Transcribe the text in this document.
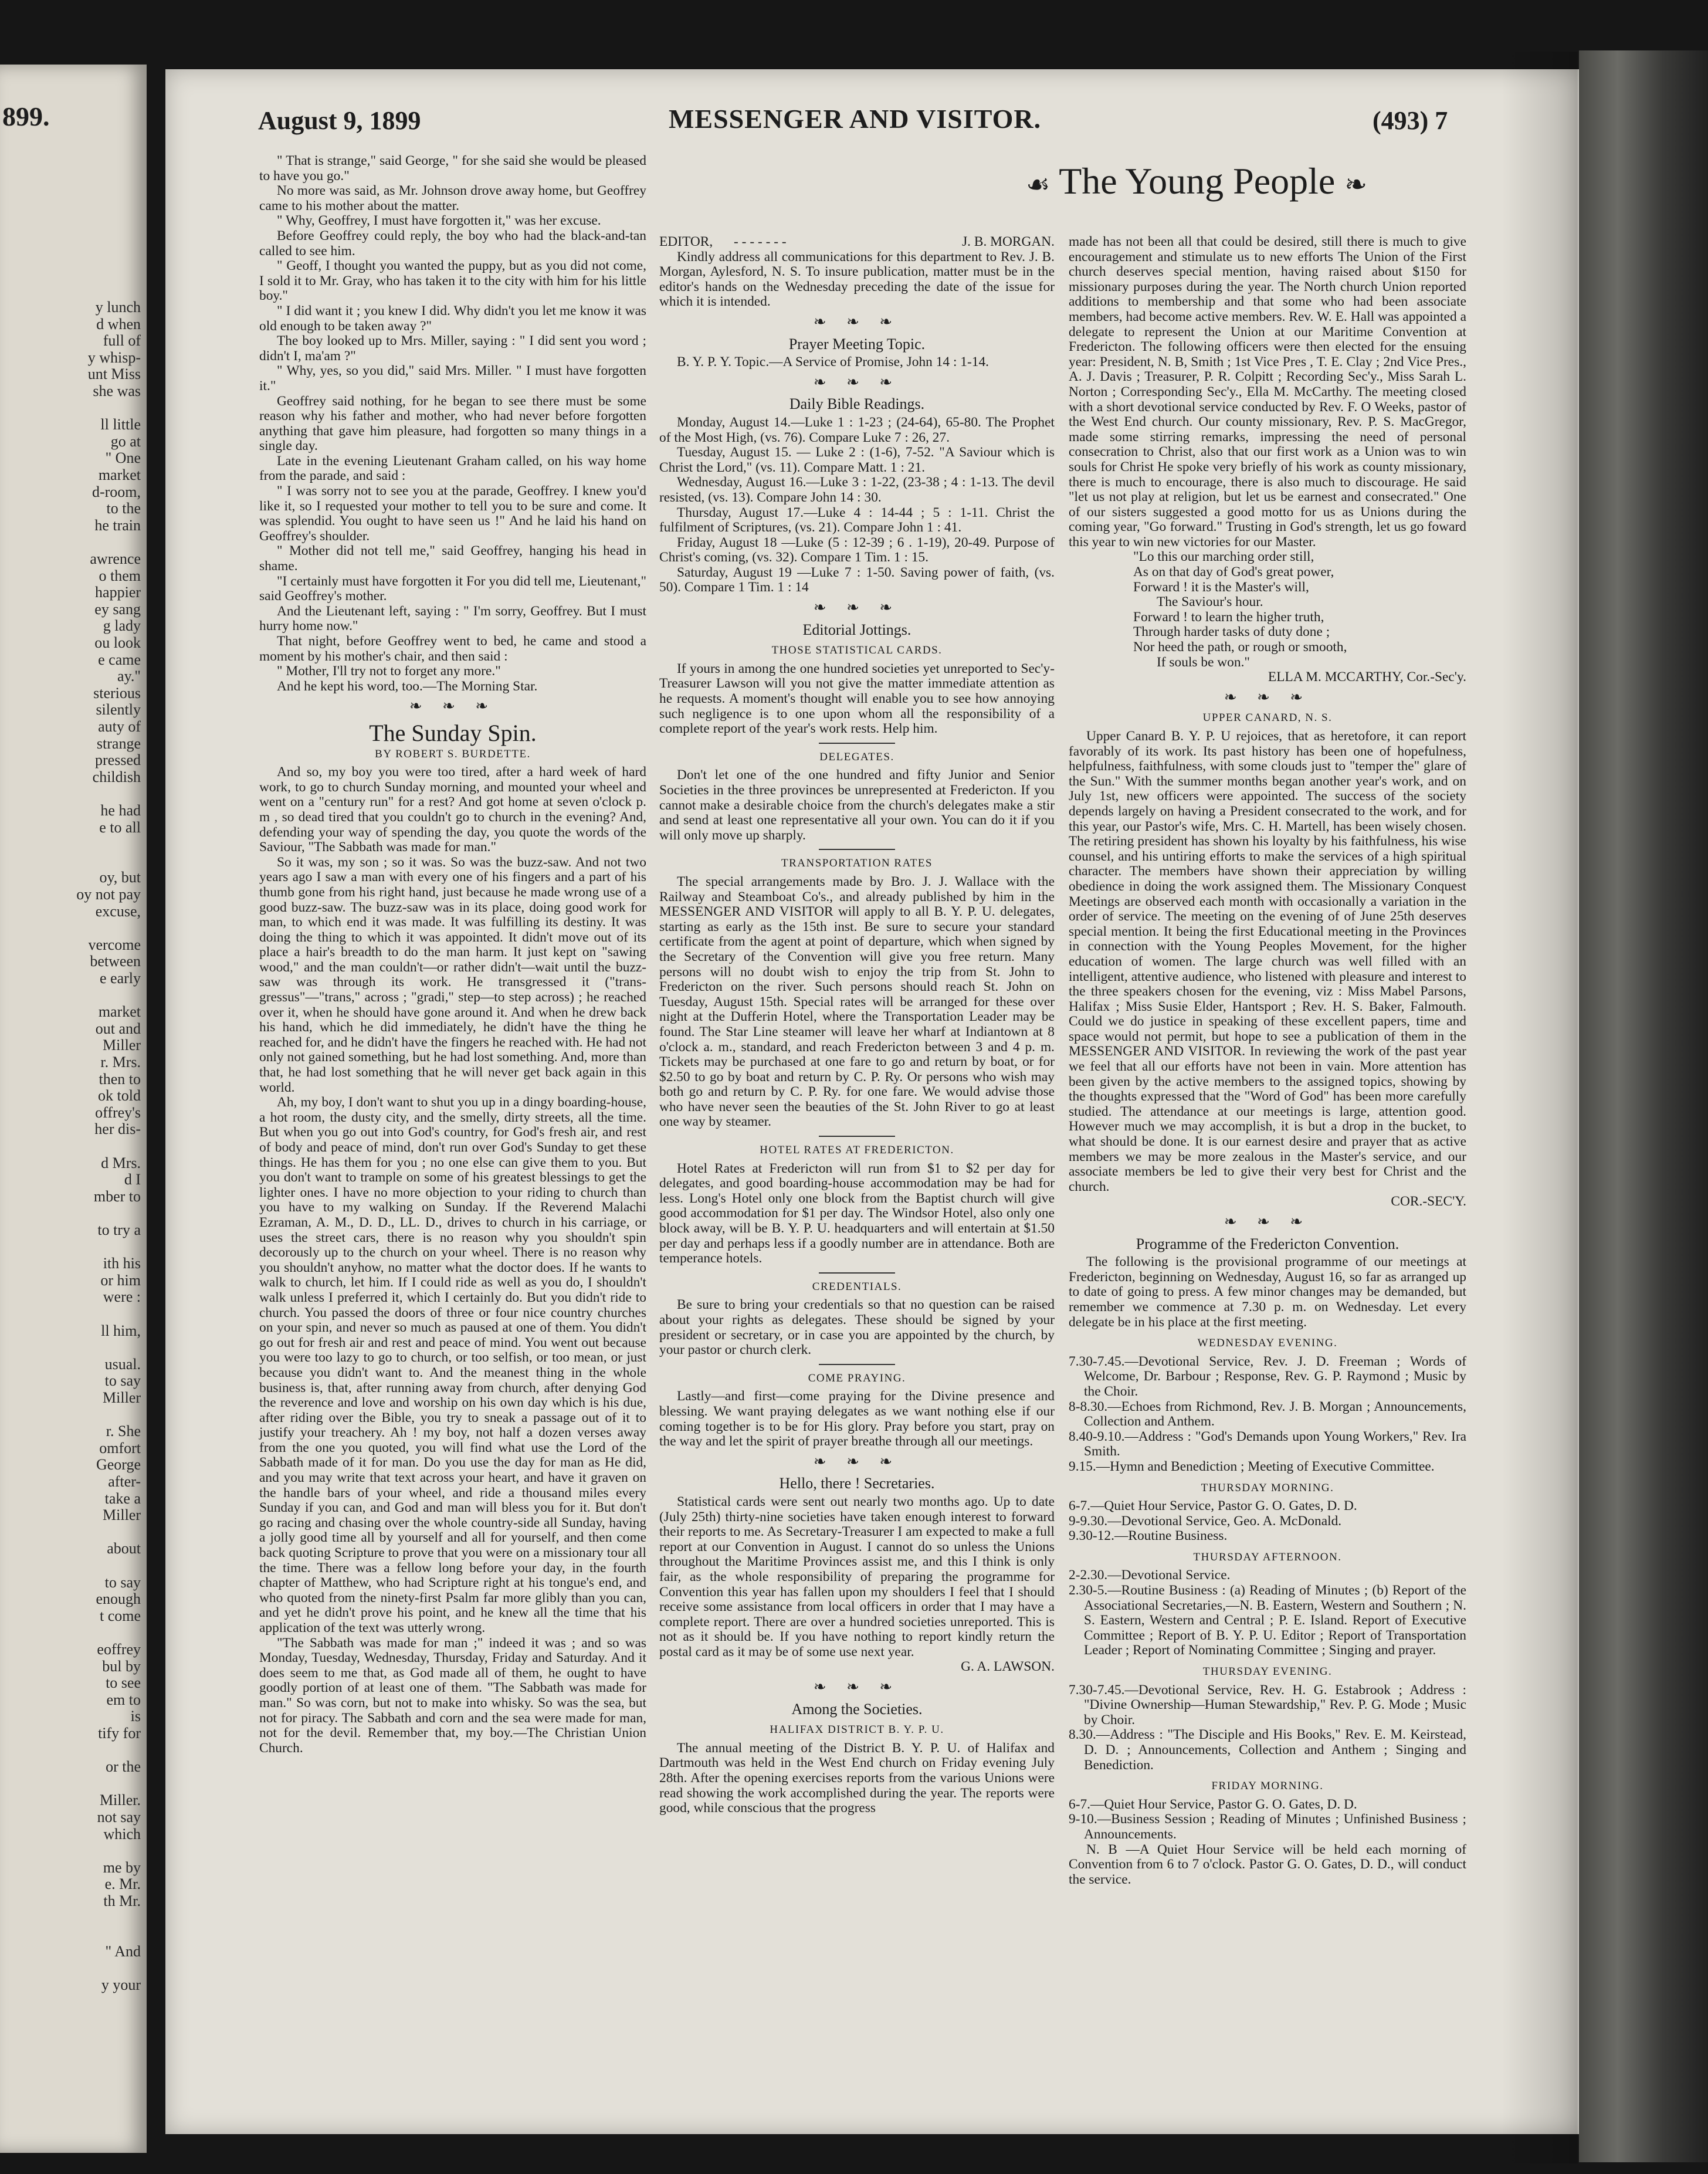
899.
y lunch
d when
full of
y whisp-
unt Miss
she was
ll little
go at
" One
market
d-room,
to the
he train
awrence
o them
happier
ey sang
g lady
ou look
e came
ay."
sterious
silently
auty of
strange
pressed
childish
he had
e to all
oy, but
oy not pay
excuse,
vercome
between
e early
market
out and
Miller
r. Mrs.
then to
ok told
offrey's
her dis-
d Mrs.
d I
mber to
to try a
ith his
or him
were :
ll him,
usual.
to say
Miller
r. She
omfort
George
after-
take a
Miller
about
to say
enough
t come
eoffrey
bul by
to see
em to
is
tify for
or the
Miller.
not say
which
me by
e. Mr.
th Mr.
" And
y your
August 9, 1899	MESSENGER AND VISITOR.	(493) 7
☙ The Young People ❧

" That is strange," said George, " for she said she would be pleased to have you go."

No more was said, as Mr. Johnson drove away home, but Geoffrey came to his mother about the matter.

" Why, Geoffrey, I must have forgotten it," was her excuse.

Before Geoffrey could reply, the boy who had the black-and-tan called to see him.

" Geoff, I thought you wanted the puppy, but as you did not come, I sold it to Mr. Gray, who has taken it to the city with him for his little boy."

" I did want it ; you knew I did. Why didn't you let me know it was old enough to be taken away ?"

The boy looked up to Mrs. Miller, saying : " I did sent you word ; didn't I, ma'am ?"

" Why, yes, so you did," said Mrs. Miller. " I must have forgotten it."

Geoffrey said nothing, for he began to see there must be some reason why his father and mother, who had never before forgotten anything that gave him pleasure, had forgotten so many things in a single day.

Late in the evening Lieutenant Graham called, on his way home from the parade, and said :

" I was sorry not to see you at the parade, Geoffrey. I knew you'd like it, so I requested your mother to tell you to be sure and come. It was splendid. You ought to have seen us !" And he laid his hand on Geoffrey's shoulder.

" Mother did not tell me," said Geoffrey, hanging his head in shame.

"I certainly must have forgotten it For you did tell me, Lieutenant," said Geoffrey's mother.

And the Lieutenant left, saying : " I'm sorry, Geoffrey. But I must hurry home now."

That night, before Geoffrey went to bed, he came and stood a moment by his mother's chair, and then said :

" Mother, I'll try not to forget any more."

And he kept his word, too.—The Morning Star.

❧ ❧ ❧

The Sunday Spin.

BY ROBERT S. BURDETTE.

And so, my boy you were too tired, after a hard week of hard work, to go to church Sunday morning, and mounted your wheel and went on a "century run" for a rest? And got home at seven o'clock p. m , so dead tired that you couldn't go to church in the evening? And, defending your way of spending the day, you quote the words of the Saviour, "The Sabbath was made for man."

So it was, my son ; so it was. So was the buzz-saw. And not two years ago I saw a man with every one of his fingers and a part of his thumb gone from his right hand, just because he made wrong use of a good buzz-saw. The buzz-saw was in its place, doing good work for man, to which end it was made. It was fulfilling its destiny. It was doing the thing to which it was appointed. It didn't move out of its place a hair's breadth to do the man harm. It just kept on "sawing wood," and the man couldn't—or rather didn't—wait until the buzz-saw was through its work. He transgressed it ("trans-gressus"—"trans," across ; "gradi," step—to step across) ; he reached over it, when he should have gone around it. And when he drew back his hand, which he did immediately, he didn't have the thing he reached for, and he didn't have the fingers he reached with. He had not only not gained something, but he had lost something. And, more than that, he had lost something that he will never get back again in this world.

Ah, my boy, I don't want to shut you up in a dingy boarding-house, a hot room, the dusty city, and the smelly, dirty streets, all the time. But when you go out into God's country, for God's fresh air, and rest of body and peace of mind, don't run over God's Sunday to get these things. He has them for you ; no one else can give them to you. But you don't want to trample on some of his greatest blessings to get the lighter ones. I have no more objection to your riding to church than you have to my walking on Sunday. If the Reverend Malachi Ezraman, A. M., D. D., LL. D., drives to church in his carriage, or uses the street cars, there is no reason why you shouldn't spin decorously up to the church on your wheel. There is no reason why you shouldn't anyhow, no matter what the doctor does. If he wants to walk to church, let him. If I could ride as well as you do, I shouldn't walk unless I preferred it, which I certainly do. But you didn't ride to church. You passed the doors of three or four nice country churches on your spin, and never so much as paused at one of them. You didn't go out for fresh air and rest and peace of mind. You went out because you were too lazy to go to church, or too selfish, or too mean, or just because you didn't want to. And the meanest thing in the whole business is, that, after running away from church, after denying God the reverence and love and worship on his own day which is his due, after riding over the Bible, you try to sneak a passage out of it to justify your treachery. Ah ! my boy, not half a dozen verses away from the one you quoted, you will find what use the Lord of the Sabbath made of it for man. Do you use the day for man as He did, and you may write that text across your heart, and have it graven on the handle bars of your wheel, and ride a thousand miles every Sunday if you can, and God and man will bless you for it. But don't go racing and chasing over the whole country-side all Sunday, having a jolly good time all by yourself and all for yourself, and then come back quoting Scripture to prove that you were on a missionary tour all the time. There was a fellow long before your day, in the fourth chapter of Matthew, who had Scripture right at his tongue's end, and who quoted from the ninety-first Psalm far more glibly than you can, and yet he didn't prove his point, and he knew all the time that his application of the text was utterly wrong.

"The Sabbath was made for man ;" indeed it was ; and so was Monday, Tuesday, Wednesday, Thursday, Friday and Saturday. And it does seem to me that, as God made all of them, he ought to have goodly portion of at least one of them. "The Sabbath was made for man." So was corn, but not to make into whisky. So was the sea, but not for piracy. The Sabbath and corn and the sea were made for man, not for the devil. Remember that, my boy.—The Christian Union Church.

EDITOR, - - - - - - -	J. B. MORGAN.

Kindly address all communications for this department to Rev. J. B. Morgan, Aylesford, N. S. To insure publication, matter must be in the editor's hands on the Wednesday preceding the date of the issue for which it is intended.

❧ ❧ ❧

Prayer Meeting Topic.

B. Y. P. Y. Topic.—A Service of Promise, John 14 : 1-14.

❧ ❧ ❧

Daily Bible Readings.

Monday, August 14.—Luke 1 : 1-23 ; (24-64), 65-80. The Prophet of the Most High, (vs. 76). Compare Luke 7 : 26, 27.

Tuesday, August 15. — Luke 2 : (1-6), 7-52. "A Saviour which is Christ the Lord," (vs. 11). Compare Matt. 1 : 21.

Wednesday, August 16.—Luke 3 : 1-22, (23-38 ; 4 : 1-13. The devil resisted, (vs. 13). Compare John 14 : 30.

Thursday, August 17.—Luke 4 : 14-44 ; 5 : 1-11. Christ the fulfilment of Scriptures, (vs. 21). Compare John 1 : 41.

Friday, August 18 —Luke (5 : 12-39 ; 6 . 1-19), 20-49. Purpose of Christ's coming, (vs. 32). Compare 1 Tim. 1 : 15.

Saturday, August 19 —Luke 7 : 1-50. Saving power of faith, (vs. 50). Compare 1 Tim. 1 : 14

❧ ❧ ❧

Editorial Jottings.

THOSE STATISTICAL CARDS.

If yours in among the one hundred societies yet unreported to Sec'y-Treasurer Lawson will you not give the matter immediate attention as he requests. A moment's thought will enable you to see how annoying such negligence is to one upon whom all the responsibility of a complete report of the year's work rests. Help him.

DELEGATES.

Don't let one of the one hundred and fifty Junior and Senior Societies in the three provinces be unrepresented at Fredericton. If you cannot make a desirable choice from the church's delegates make a stir and send at least one representative all your own. You can do it if you will only move up sharply.

TRANSPORTATION RATES

The special arrangements made by Bro. J. J. Wallace with the Railway and Steamboat Co's., and already published by him in the MESSENGER AND VISITOR will apply to all B. Y. P. U. delegates, starting as early as the 15th inst. Be sure to secure your standard certificate from the agent at point of departure, which when signed by the Secretary of the Convention will give you free return. Many persons will no doubt wish to enjoy the trip from St. John to Fredericton on the river. Such persons should reach St. John on Tuesday, August 15th. Special rates will be arranged for these over night at the Dufferin Hotel, where the Transportation Leader may be found. The Star Line steamer will leave her wharf at Indiantown at 8 o'clock a. m., standard, and reach Fredericton between 3 and 4 p. m. Tickets may be purchased at one fare to go and return by boat, or for $2.50 to go by boat and return by C. P. Ry. Or persons who wish may both go and return by C. P. Ry. for one fare. We would advise those who have never seen the beauties of the St. John River to go at least one way by steamer.

HOTEL RATES AT FREDERICTON.

Hotel Rates at Fredericton will run from $1 to $2 per day for delegates, and good boarding-house accommodation may be had for less. Long's Hotel only one block from the Baptist church will give good accommodation for $1 per day. The Windsor Hotel, also only one block away, will be B. Y. P. U. headquarters and will entertain at $1.50 per day and perhaps less if a goodly number are in attendance. Both are temperance hotels.

CREDENTIALS.

Be sure to bring your credentials so that no question can be raised about your rights as delegates. These should be signed by your president or secretary, or in case you are appointed by the church, by your pastor or church clerk.

COME PRAYING.

Lastly—and first—come praying for the Divine presence and blessing. We want praying delegates as we want nothing else if our coming together is to be for His glory. Pray before you start, pray on the way and let the spirit of prayer breathe through all our meetings.

❧ ❧ ❧

Hello, there ! Secretaries.

Statistical cards were sent out nearly two months ago. Up to date (July 25th) thirty-nine societies have taken enough interest to forward their reports to me. As Secretary-Treasurer I am expected to make a full report at our Convention in August. I cannot do so unless the Unions throughout the Maritime Provinces assist me, and this I think is only fair, as the whole responsibility of preparing the programme for Convention this year has fallen upon my shoulders I feel that I should receive some assistance from local officers in order that I may have a complete report. There are over a hundred societies unreported. This is not as it should be. If you have nothing to report kindly return the postal card as it may be of some use next year.

G. A. LAWSON.

❧ ❧ ❧

Among the Societies.

HALIFAX DISTRICT B. Y. P. U.

The annual meeting of the District B. Y. P. U. of Halifax and Dartmouth was held in the West End church on Friday evening July 28th. After the opening exercises reports from the various Unions were read showing the work accomplished during the year. The reports were good, while conscious that the progress

made has not been all that could be desired, still there is much to give encouragement and stimulate us to new efforts The Union of the First church deserves special mention, having raised about $150 for missionary purposes during the year. The North church Union reported additions to membership and that some who had been associate members, had become active members. Rev. W. E. Hall was appointed a delegate to represent the Union at our Maritime Convention at Fredericton. The following officers were then elected for the ensuing year: President, N. B, Smith ; 1st Vice Pres , T. E. Clay ; 2nd Vice Pres., A. J. Davis ; Treasurer, P. R. Colpitt ; Recording Sec'y., Miss Sarah L. Norton ; Corresponding Sec'y., Ella M. McCarthy. The meeting closed with a short devotional service conducted by Rev. F. O Weeks, pastor of the West End church. Our county missionary, Rev. P. S. MacGregor, made some stirring remarks, impressing the need of personal consecration to Christ, also that our first work as a Union was to win souls for Christ He spoke very briefly of his work as county missionary, there is much to encourage, there is also much to discourage. He said "let us not play at religion, but let us be earnest and consecrated." One of our sisters suggested a good motto for us as Unions during the coming year, "Go forward." Trusting in God's strength, let us go foward this year to win new victories for our Master.

"Lo this our marching order still,

As on that day of God's great power,

Forward ! it is the Master's will,

The Saviour's hour.

Forward ! to learn the higher truth,

Through harder tasks of duty done ;

Nor heed the path, or rough or smooth,

If souls be won."

ELLA M. MCCARTHY, Cor.-Sec'y.

❧ ❧ ❧

UPPER CANARD, N. S.

Upper Canard B. Y. P. U rejoices, that as heretofore, it can report favorably of its work. Its past history has been one of hopefulness, helpfulness, faithfulness, with some clouds just to "temper the" glare of the Sun." With the summer months began another year's work, and on July 1st, new officers were appointed. The success of the society depends largely on having a President consecrated to the work, and for this year, our Pastor's wife, Mrs. C. H. Martell, has been wisely chosen. The retiring president has shown his loyalty by his faithfulness, his wise counsel, and his untiring efforts to make the services of a high spiritual character. The members have shown their appreciation by willing obedience in doing the work assigned them. The Missionary Conquest Meetings are observed each month with occasionally a variation in the order of service. The meeting on the evening of of June 25th deserves special mention. It being the first Educational meeting in the Provinces in connection with the Young Peoples Movement, for the higher education of women. The large church was well filled with an intelligent, attentive audience, who listened with pleasure and interest to the three speakers chosen for the evening, viz : Miss Mabel Parsons, Halifax ; Miss Susie Elder, Hantsport ; Rev. H. S. Baker, Falmouth. Could we do justice in speaking of these excellent papers, time and space would not permit, but hope to see a publication of them in the MESSENGER AND VISITOR. In reviewing the work of the past year we feel that all our efforts have not been in vain. More attention has been given by the active members to the assigned topics, showing by the thoughts expressed that the "Word of God" has been more carefully studied. The attendance at our meetings is large, attention good. However much we may accomplish, it is but a drop in the bucket, to what should be done. It is our earnest desire and prayer that as active members we may be more zealous in the Master's service, and our associate members be led to give their very best for Christ and the church.

COR.-SEC'Y.

❧ ❧ ❧

Programme of the Fredericton Convention.

The following is the provisional programme of our meetings at Fredericton, beginning on Wednesday, August 16, so far as arranged up to date of going to press. A few minor changes may be demanded, but remember we commence at 7.30 p. m. on Wednesday. Let every delegate be in his place at the first meeting.

WEDNESDAY EVENING.

7.30-7.45.—Devotional Service, Rev. J. D. Freeman ; Words of Welcome, Dr. Barbour ; Response, Rev. G. P. Raymond ; Music by the Choir.

8-8.30.—Echoes from Richmond, Rev. J. B. Morgan ; Announcements, Collection and Anthem.

8.40-9.10.—Address : "God's Demands upon Young Workers," Rev. Ira Smith.

9.15.—Hymn and Benediction ; Meeting of Executive Committee.

THURSDAY MORNING.

6-7.—Quiet Hour Service, Pastor G. O. Gates, D. D.

9-9.30.—Devotional Service, Geo. A. McDonald.

9.30-12.—Routine Business.

THURSDAY AFTERNOON.

2-2.30.—Devotional Service.

2.30-5.—Routine Business : (a) Reading of Minutes ; (b) Report of the Associational Secretaries,—N. B. Eastern, Western and Southern ; N. S. Eastern, Western and Central ; P. E. Island. Report of Executive Committee ; Report of B. Y. P. U. Editor ; Report of Transportation Leader ; Report of Nominating Committee ; Singing and prayer.

THURSDAY EVENING.

7.30-7.45.—Devotional Service, Rev. H. G. Estabrook ; Address : "Divine Ownership—Human Stewardship," Rev. P. G. Mode ; Music by Choir.

8.30.—Address : "The Disciple and His Books," Rev. E. M. Keirstead, D. D. ; Announcements, Collection and Anthem ; Singing and Benediction.

FRIDAY MORNING.

6-7.—Quiet Hour Service, Pastor G. O. Gates, D. D.

9-10.—Business Session ; Reading of Minutes ; Unfinished Business ; Announcements.

N. B —A Quiet Hour Service will be held each morning of Convention from 6 to 7 o'clock. Pastor G. O. Gates, D. D., will conduct the service.
